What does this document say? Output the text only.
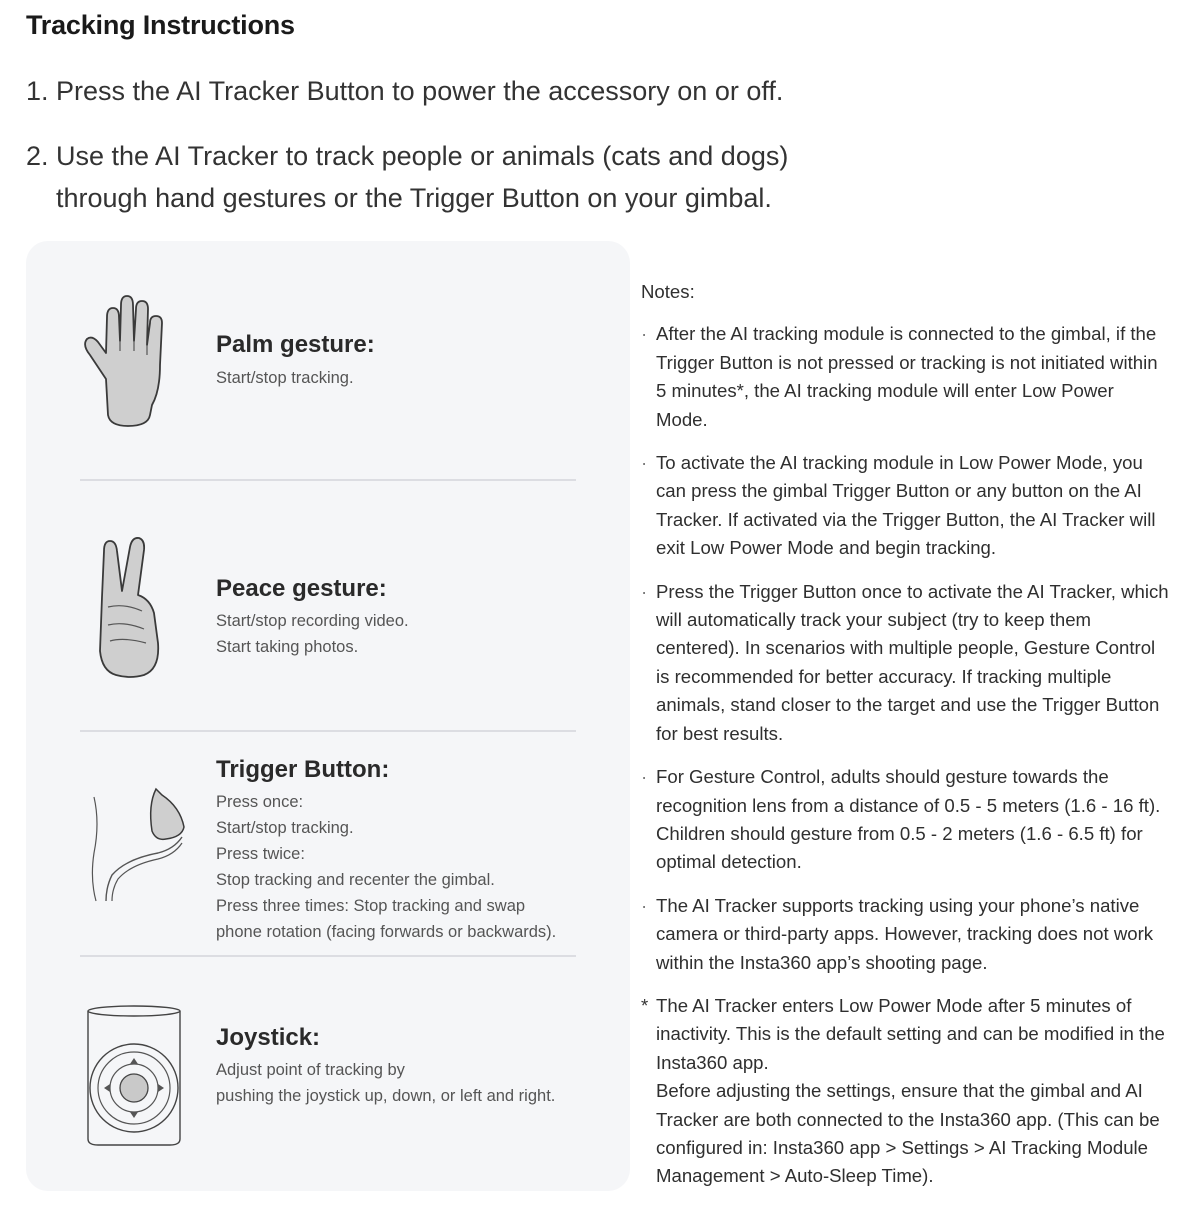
Tracking Instructions
1. Press the AI Tracker Button to power the accessory on or off.
2. Use the AI Tracker to track people or animals (cats and dogs)
through hand gestures or the Trigger Button on your gimbal.
Palm gesture:
Start/stop tracking.
Peace gesture:
Start/stop recording video.
Start taking photos.
Trigger Button:
Press once:
Start/stop tracking.
Press twice:
Stop tracking and recenter the gimbal.
Press three times: Stop tracking and swap
phone rotation (facing forwards or backwards).
Joystick:
Adjust point of tracking by
pushing the joystick up, down, or left and right.
Notes:
· After the AI tracking module is connected to the gimbal, if the
Trigger Button is not pressed or tracking is not initiated within
5 minutes*, the AI tracking module will enter Low Power
Mode.
· To activate the AI tracking module in Low Power Mode, you
can press the gimbal Trigger Button or any button on the AI
Tracker. If activated via the Trigger Button, the AI Tracker will
exit Low Power Mode and begin tracking.
· Press the Trigger Button once to activate the AI Tracker, which
will automatically track your subject (try to keep them
centered). In scenarios with multiple people, Gesture Control
is recommended for better accuracy. If tracking multiple
animals, stand closer to the target and use the Trigger Button
for best results.
· For Gesture Control, adults should gesture towards the
recognition lens from a distance of 0.5 - 5 meters (1.6 - 16 ft).
Children should gesture from 0.5 - 2 meters (1.6 - 6.5 ft) for
optimal detection.
· The AI Tracker supports tracking using your phone’s native
camera or third-party apps. However, tracking does not work
within the Insta360 app’s shooting page.
* The AI Tracker enters Low Power Mode after 5 minutes of
inactivity. This is the default setting and can be modified in the
Insta360 app.
Before adjusting the settings, ensure that the gimbal and AI
Tracker are both connected to the Insta360 app. (This can be
configured in: Insta360 app > Settings > AI Tracking Module
Management > Auto-Sleep Time).
